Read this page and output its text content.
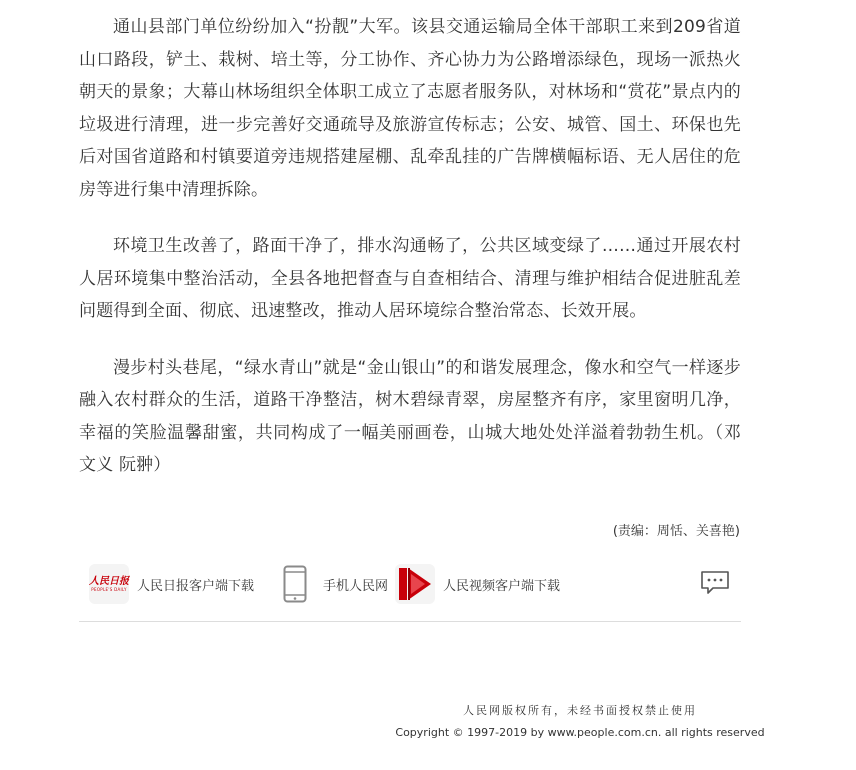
通山县部门单位纷纷加入“扮靓”大军。该县交通运输局全体干部职工来到209省道山口路段，铲土、栽树、培土等，分工协作、齐心协力为公路增添绿色，现场一派热火朝天的景象；大幕山林场组织全体职工成立了志愿者服务队，对林场和“赏花”景点内的垃圾进行清理，进一步完善好交通疏导及旅游宣传标志；公安、城管、国土、环保也先后对国省道路和村镇要道旁违规搭建屋棚、乱牵乱挂的广告牌横幅标语、无人居住的危房等进行集中清理拆除。

环境卫生改善了，路面干净了，排水沟通畅了，公共区域变绿了……通过开展农村人居环境集中整治活动，全县各地把督查与自查相结合、清理与维护相结合促进脏乱差问题得到全面、彻底、迅速整改，推动人居环境综合整治常态、长效开展。

漫步村头巷尾，“绿水青山”就是“金山银山”的和谐发展理念，像水和空气一样逐步融入农村群众的生活，道路干净整洁，树木碧绿青翠，房屋整齐有序，家里窗明几净，幸福的笑脸温馨甜蜜，共同构成了一幅美丽画卷，山城大地处处洋溢着勃勃生机。（邓文义 阮翀）

(责编：周恬、关喜艳)
人民日报
PEOPLE'S DAILY 人民日报客户端下载	手机人民网	人民视频客户端下载
人民网版权所有，未经书面授权禁止使用
Copyright © 1997-2019 by www.people.com.cn. all rights reserved
